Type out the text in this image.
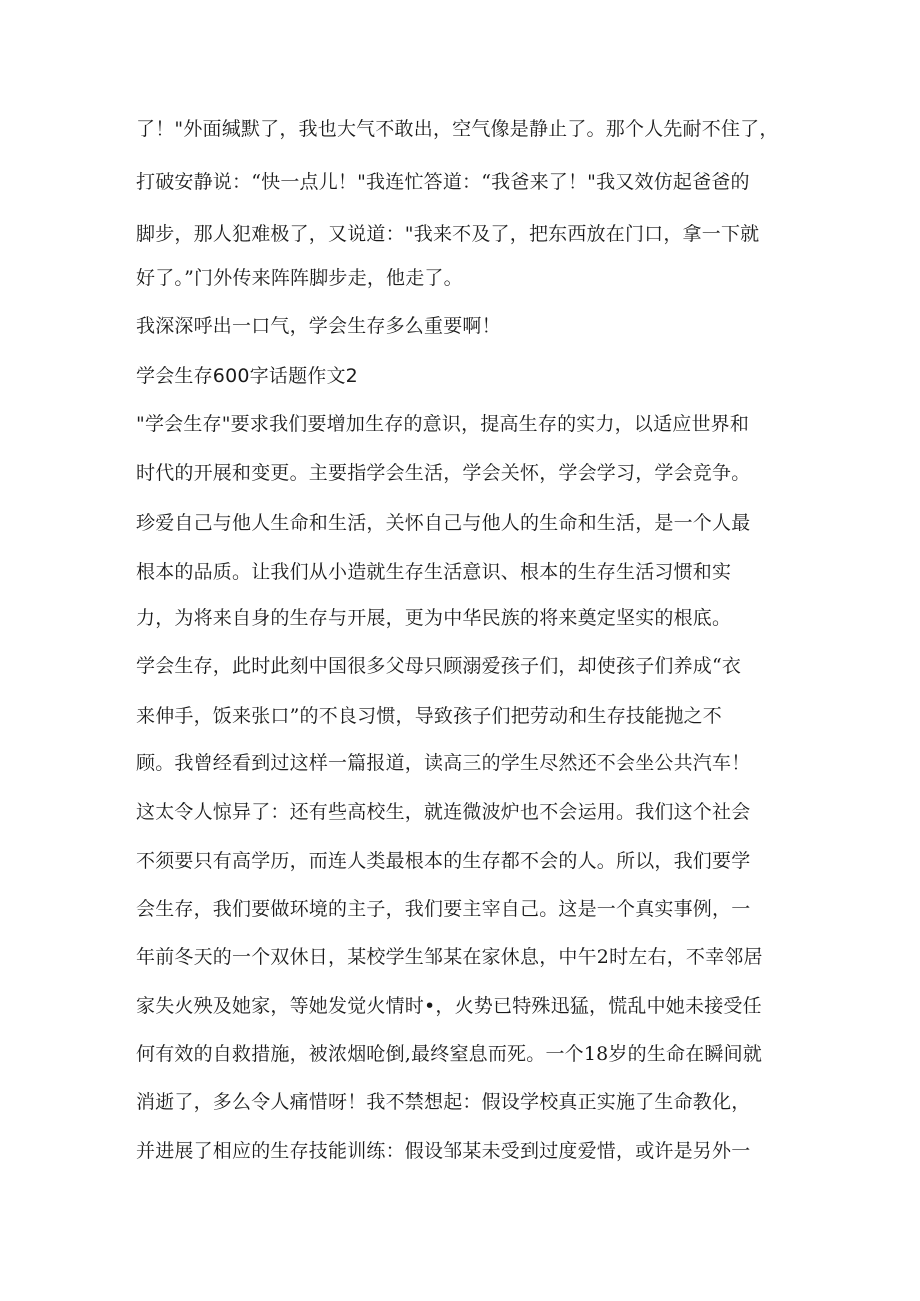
了！"外面缄默了，我也大气不敢出，空气像是静止了。那个人先耐不住了，
打破安静说：“快一点儿！"我连忙答道：“我爸来了！"我又效仿起爸爸的
脚步，那人犯难极了，又说道："我来不及了，把东西放在门口，拿一下就
好了。”门外传来阵阵脚步走，他走了。
我深深呼出一口气，学会生存多么重要啊！
学会生存600字话题作文2
"学会生存"要求我们要增加生存的意识，提高生存的实力，以适应世界和
时代的开展和变更。主要指学会生活，学会关怀，学会学习，学会竞争。
珍爱自己与他人生命和生活，关怀自己与他人的生命和生活，是一个人最
根本的品质。让我们从小造就生存生活意识、根本的生存生活习惯和实
力，为将来自身的生存与开展，更为中华民族的将来奠定坚实的根底。
学会生存，此时此刻中国很多父母只顾溺爱孩子们，却使孩子们养成“衣
来伸手，饭来张口”的不良习惯，导致孩子们把劳动和生存技能抛之不
顾。我曾经看到过这样一篇报道，读高三的学生尽然还不会坐公共汽车！
这太令人惊异了：还有些高校生，就连微波炉也不会运用。我们这个社会
不须要只有高学历，而连人类最根本的生存都不会的人。所以，我们要学
会生存，我们要做环境的主子，我们要主宰自己。这是一个真实事例，一
年前冬天的一个双休日，某校学生邹某在家休息，中午2时左右，不幸邻居
家失火殃及她家，等她发觉火情时•，火势已特殊迅猛，慌乱中她未接受任
何有效的自救措施，被浓烟呛倒,最终窒息而死。一个18岁的生命在瞬间就
消逝了，多么令人痛惜呀！我不禁想起：假设学校真正实施了生命教化，
并进展了相应的生存技能训练：假设邹某未受到过度爱惜，或许是另外一
